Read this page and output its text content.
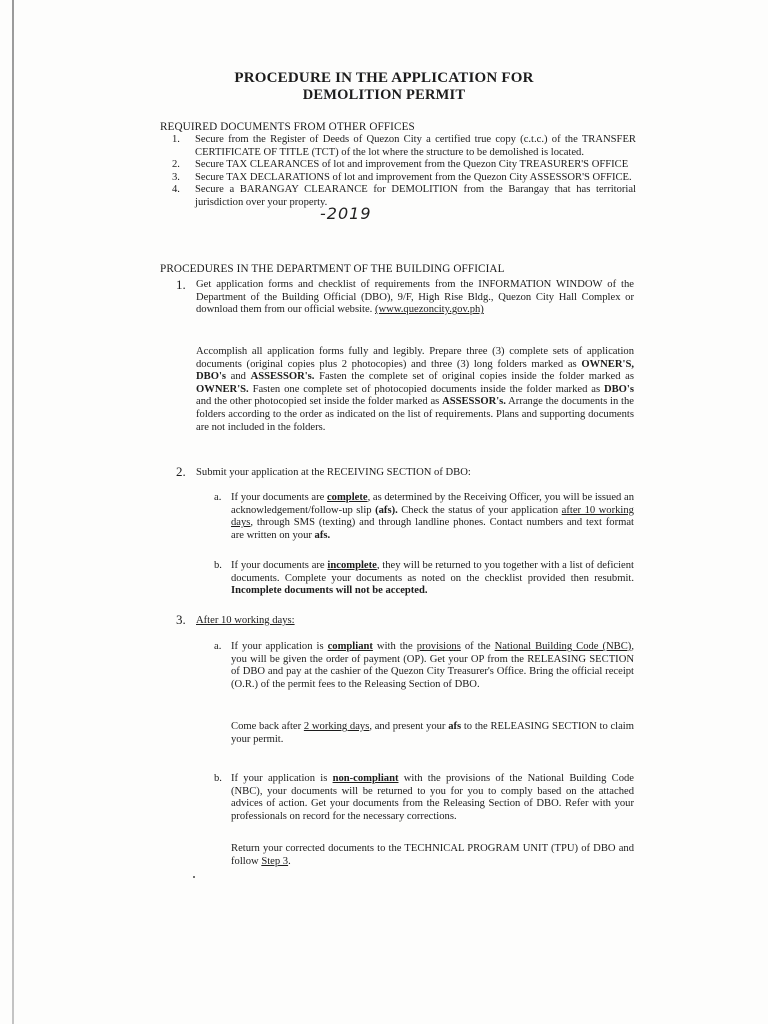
PROCEDURE IN THE APPLICATION FOR
DEMOLITION PERMIT

REQUIRED DOCUMENTS FROM OTHER OFFICES

1. Secure from the Register of Deeds of Quezon City a certified true copy (c.t.c.) of the TRANSFER CERTIFICATE OF TITLE (TCT) of the lot where the structure to be demolished is located.
2. Secure TAX CLEARANCES of lot and improvement from the Quezon City TREASURER'S OFFICE
3. Secure TAX DECLARATIONS of lot and improvement from the Quezon City ASSESSOR'S OFFICE.
4. Secure a BARANGAY CLEARANCE for DEMOLITION from the Barangay that has territorial jurisdiction over your property.
-2019

PROCEDURES IN THE DEPARTMENT OF THE BUILDING OFFICIAL

1. Get application forms and checklist of requirements from the INFORMATION WINDOW of the Department of the Building Official (DBO), 9/F, High Rise Bldg., Quezon City Hall Complex or download them from our official website. (www.quezoncity.gov.ph)

Accomplish all application forms fully and legibly. Prepare three (3) complete sets of application documents (original copies plus 2 photocopies) and three (3) long folders marked as OWNER'S, DBO's and ASSESSOR's. Fasten the complete set of original copies inside the folder marked as OWNER'S. Fasten one complete set of photocopied documents inside the folder marked as DBO's and the other photocopied set inside the folder marked as ASSESSOR's. Arrange the documents in the folders according to the order as indicated on the list of requirements. Plans and supporting documents are not included in the folders.

2. Submit your application at the RECEIVING SECTION of DBO:

a. If your documents are complete, as determined by the Receiving Officer, you will be issued an acknowledgement/follow-up slip (afs). Check the status of your application after 10 working days, through SMS (texting) and through landline phones. Contact numbers and text format are written on your afs.

b. If your documents are incomplete, they will be returned to you together with a list of deficient documents. Complete your documents as noted on the checklist provided then resubmit. Incomplete documents will not be accepted.

3. After 10 working days:

a. If your application is compliant with the provisions of the National Building Code (NBC), you will be given the order of payment (OP). Get your OP from the RELEASING SECTION of DBO and pay at the cashier of the Quezon City Treasurer's Office. Bring the official receipt (O.R.) of the permit fees to the Releasing Section of DBO.

Come back after 2 working days, and present your afs to the RELEASING SECTION to claim your permit.

b. If your application is non-compliant with the provisions of the National Building Code (NBC), your documents will be returned to you for you to comply based on the attached advices of action. Get your documents from the Releasing Section of DBO. Refer with your professionals on record for the necessary corrections.

Return your corrected documents to the TECHNICAL PROGRAM UNIT (TPU) of DBO and follow Step 3.
